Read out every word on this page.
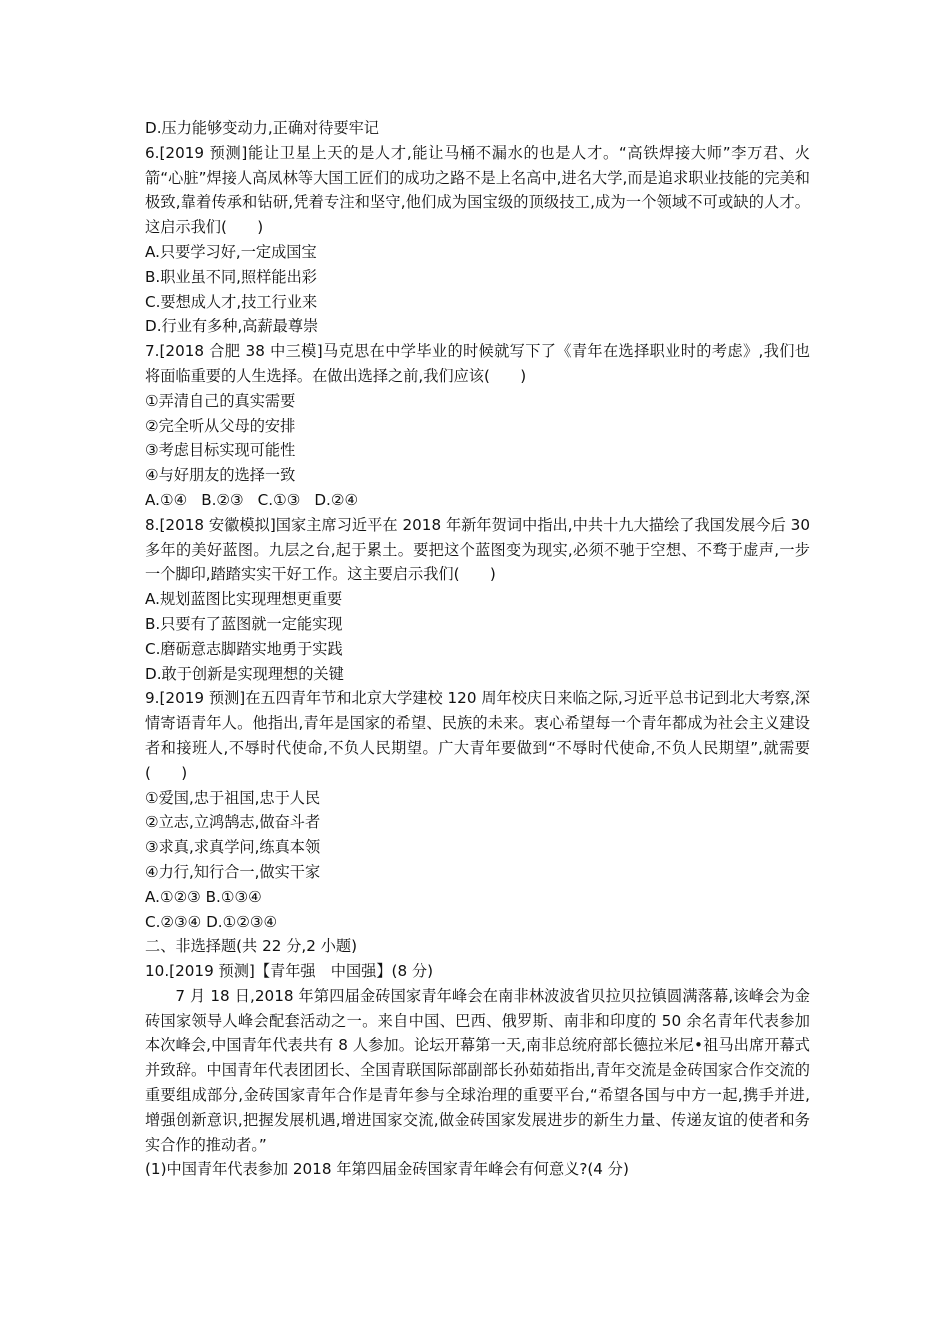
D.压力能够变动力,正确对待要牢记
6.[2019 预测]能让卫星上天的是人才,能让马桶不漏水的也是人才。“高铁焊接大师”李万君、火箭“心脏”焊接人高凤林等大国工匠们的成功之路不是上名高中,进名大学,而是追求职业技能的完美和极致,靠着传承和钻研,凭着专注和坚守,他们成为国宝级的顶级技工,成为一个领域不可或缺的人才。这启示我们(　　)
A.只要学习好,一定成国宝
B.职业虽不同,照样能出彩
C.要想成人才,技工行业来
D.行业有多种,高薪最尊崇
7.[2018 合肥 38 中三模]马克思在中学毕业的时候就写下了《青年在选择职业时的考虑》,我们也将面临重要的人生选择。在做出选择之前,我们应该(　　)
①弄清自己的真实需要
②完全听从父母的安排
③考虑目标实现可能性
④与好朋友的选择一致
A.①④ B.②③ C.①③ D.②④
8.[2018 安徽模拟]国家主席习近平在 2018 年新年贺词中指出,中共十九大描绘了我国发展今后 30 多年的美好蓝图。九层之台,起于累土。要把这个蓝图变为现实,必须不驰于空想、不骛于虚声,一步一个脚印,踏踏实实干好工作。这主要启示我们(　　)
A.规划蓝图比实现理想更重要
B.只要有了蓝图就一定能实现
C.磨砺意志脚踏实地勇于实践
D.敢于创新是实现理想的关键
9.[2019 预测]在五四青年节和北京大学建校 120 周年校庆日来临之际,习近平总书记到北大考察,深情寄语青年人。他指出,青年是国家的希望、民族的未来。衷心希望每一个青年都成为社会主义建设者和接班人,不辱时代使命,不负人民期望。广大青年要做到“不辱时代使命,不负人民期望”,就需要(　　)
①爱国,忠于祖国,忠于人民
②立志,立鸿鹄志,做奋斗者
③求真,求真学问,练真本领
④力行,知行合一,做实干家
A.①②③ B.①③④
C.②③④ D.①②③④
二、非选择题(共 22 分,2 小题)
10.[2019 预测]【青年强　中国强】(8 分)
7 月 18 日,2018 年第四届金砖国家青年峰会在南非林波波省贝拉贝拉镇圆满落幕,该峰会为金砖国家领导人峰会配套活动之一。来自中国、巴西、俄罗斯、南非和印度的 50 余名青年代表参加本次峰会,中国青年代表共有 8 人参加。论坛开幕第一天,南非总统府部长德拉米尼•祖马出席开幕式并致辞。中国青年代表团团长、全国青联国际部副部长孙茹茹指出,青年交流是金砖国家合作交流的重要组成部分,金砖国家青年合作是青年参与全球治理的重要平台,“希望各国与中方一起,携手并进,增强创新意识,把握发展机遇,增进国家交流,做金砖国家发展进步的新生力量、传递友谊的使者和务实合作的推动者。”
(1)中国青年代表参加 2018 年第四届金砖国家青年峰会有何意义?(4 分)
